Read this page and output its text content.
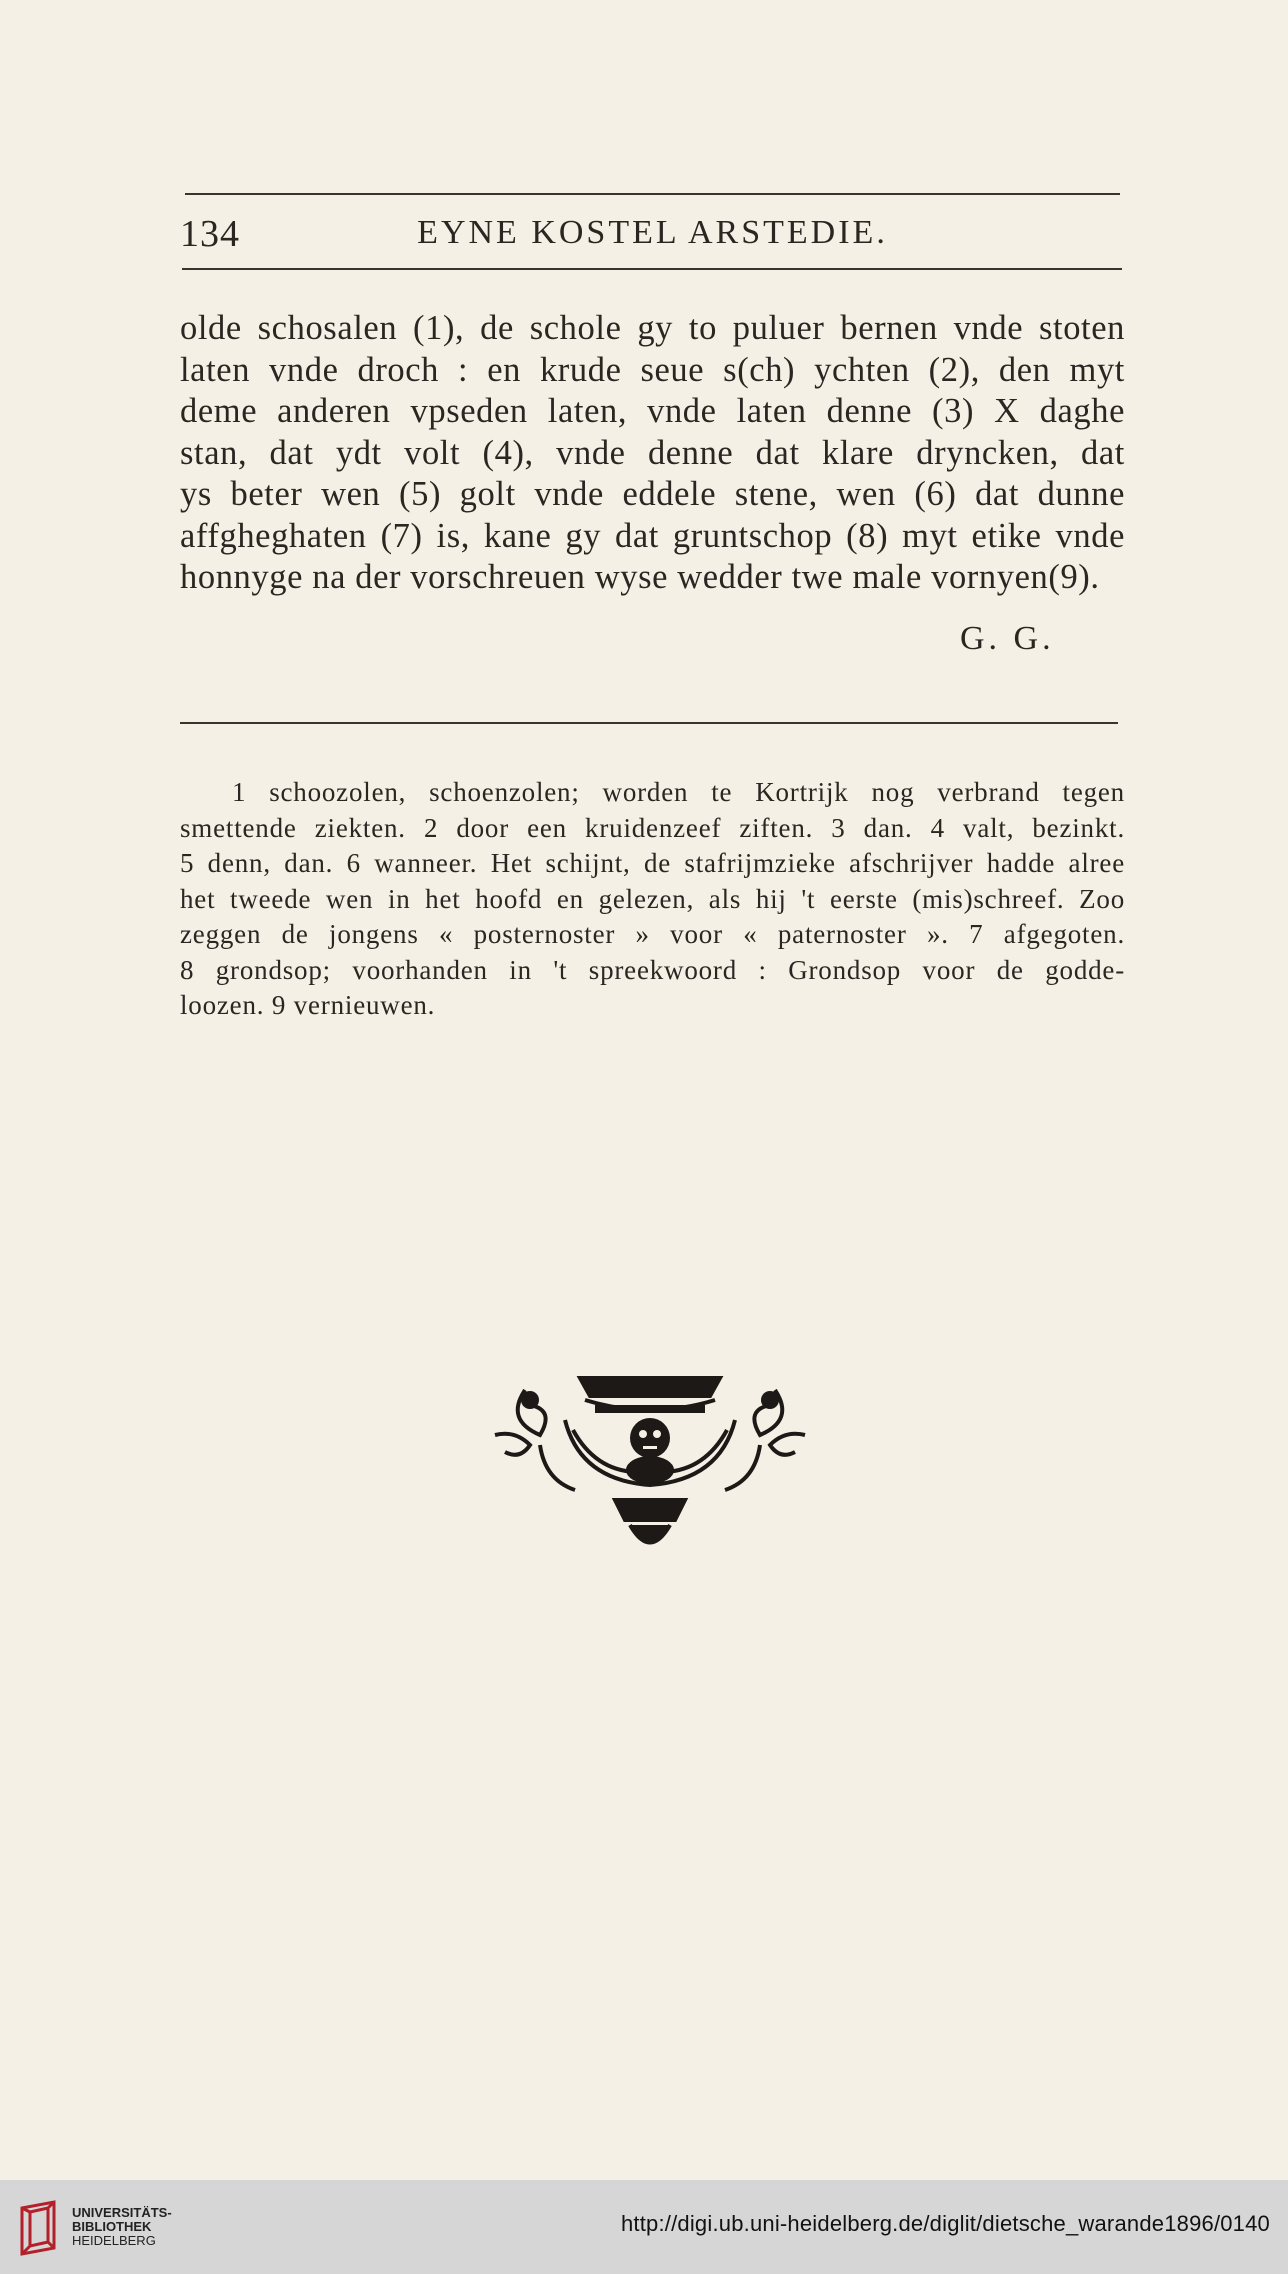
134	EYNE KOSTEL ARSTEDIE.
olde schosalen (1), de schole gy to puluer bernen vnde stoten
laten vnde droch : en krude seue s(ch) ychten (2), den myt
deme anderen vpseden laten, vnde laten denne (3) X daghe
stan, dat ydt volt (4), vnde denne dat klare dryncken, dat
ys beter wen (5) golt vnde eddele stene, wen (6) dat dunne
affgheghaten (7) is, kane gy dat gruntschop (8) myt etike vnde
honnyge na der vorschreuen wyse wedder twe male vornyen(9).
G. G.
1 schoozolen, schoenzolen; worden te Kortrijk nog verbrand tegen
smettende ziekten. 2 door een kruidenzeef ziften. 3 dan. 4 valt, bezinkt.
5 denn, dan. 6 wanneer. Het schijnt, de stafrijmzieke afschrijver hadde alree
het tweede wen in het hoofd en gelezen, als hij 't eerste (mis)schreef. Zoo
zeggen de jongens « posternoster » voor « paternoster ». 7 afgegoten.
8 grondsop; voorhanden in 't spreekwoord : Grondsop voor de godde-
loozen. 9 vernieuwen.
UNIVERSITÄTS-
BIBLIOTHEK
HEIDELBERG
http://digi.ub.uni-heidelberg.de/diglit/dietsche_warande1896/0140
